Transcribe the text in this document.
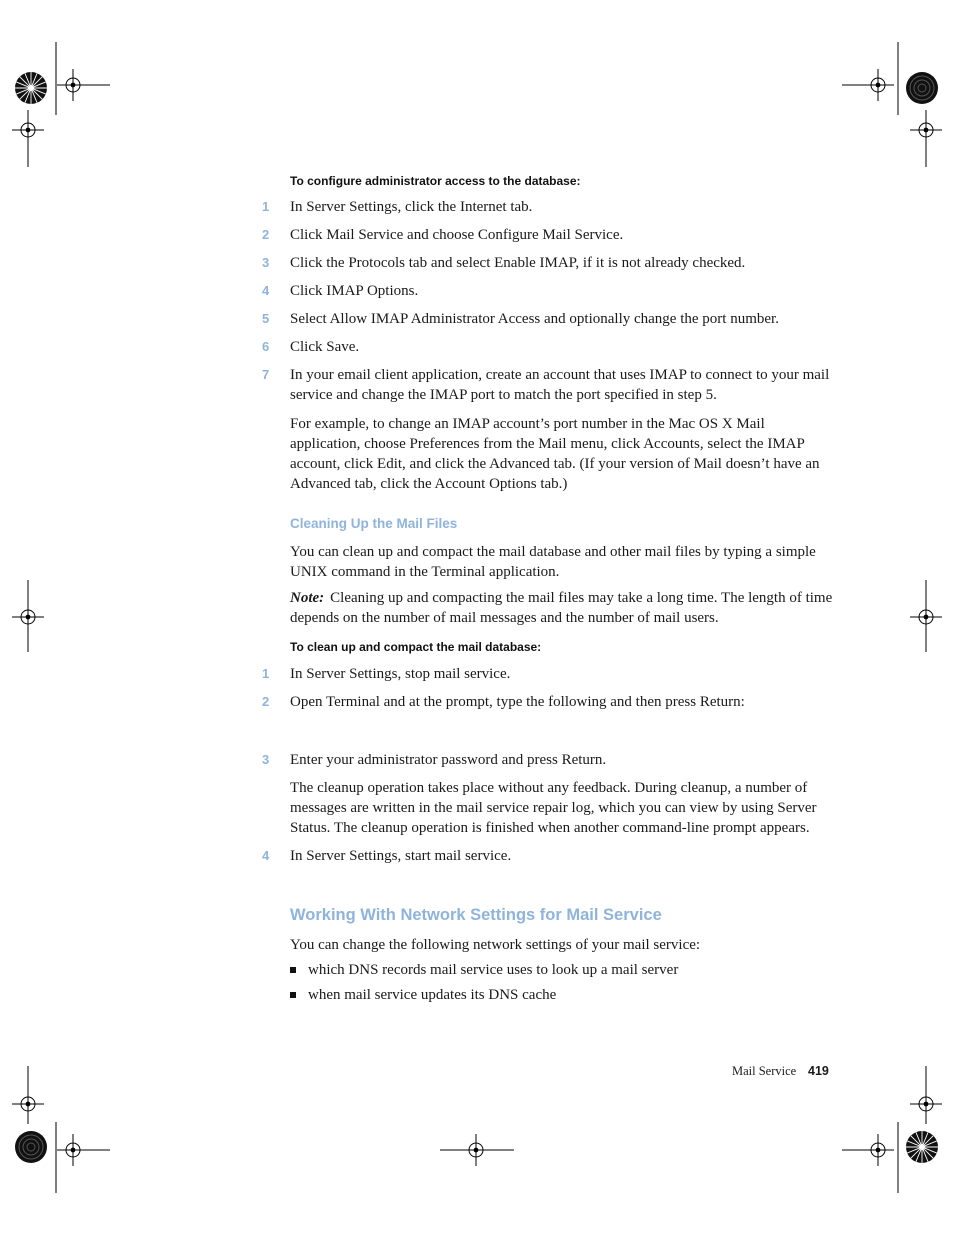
To configure administrator access to the database:
1	In Server Settings, click the Internet tab.
2	Click Mail Service and choose Configure Mail Service.
3	Click the Protocols tab and select Enable IMAP, if it is not already checked.
4	Click IMAP Options.
5	Select Allow IMAP Administrator Access and optionally change the port number.
6	Click Save.
7	In your email client application, create an account that uses IMAP to connect to your mail service and change the IMAP port to match the port specified in step 5.
For example, to change an IMAP account’s port number in the Mac OS X Mail application, choose Preferences from the Mail menu, click Accounts, select the IMAP account, click Edit, and click the Advanced tab. (If your version of Mail doesn’t have an Advanced tab, click the Account Options tab.)
Cleaning Up the Mail Files
You can clean up and compact the mail database and other mail files by typing a simple UNIX command in the Terminal application.
Note: Cleaning up and compacting the mail files may take a long time. The length of time depends on the number of mail messages and the number of mail users.
To clean up and compact the mail database:
1	In Server Settings, stop mail service.
2	Open Terminal and at the prompt, type the following and then press Return:
3	Enter your administrator password and press Return.
The cleanup operation takes place without any feedback. During cleanup, a number of messages are written in the mail service repair log, which you can view by using Server Status. The cleanup operation is finished when another command-line prompt appears.
4	In Server Settings, start mail service.
Working With Network Settings for Mail Service
You can change the following network settings of your mail service:
which DNS records mail service uses to look up a mail server
when mail service updates its DNS cache
Mail Service 419
